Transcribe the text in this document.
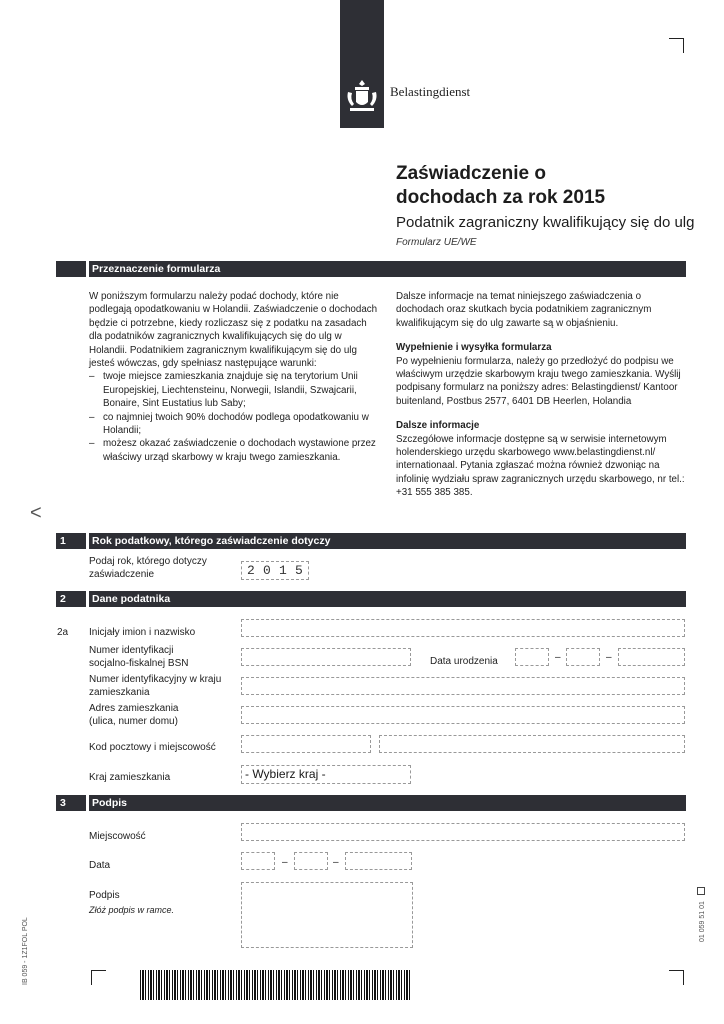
Belastingdienst
Zaświadczenie o
dochodach za rok 2015
Podatnik zagraniczny kwalifikujący się do ulg
Formularz UE/WE
Przeznaczenie formularza

W poniższym formularzu należy podać dochody, które nie podlegają opodatkowaniu w Holandii. Zaświadczenie o dochodach będzie ci potrzebne, kiedy rozliczasz się z podatku na zasadach dla podatników zagranicznych kwalifikujących się do ulg w Holandii. Podatnikiem zagranicznym kwalifikującym się do ulg jesteś wówczas, gdy spełniasz następujące warunki:

– twoje miejsce zamieszkania znajduje się na terytorium Unii Europejskiej, Liechtensteinu, Norwegii, Islandii, Szwajcarii, Bonaire, Sint Eustatius lub Saby;
– co najmniej twoich 90% dochodów podlega opodatkowaniu w Holandii;
– możesz okazać zaświadczenie o dochodach wystawione przez właściwy urząd skarbowy w kraju twego zamieszkania.

Dalsze informacje na temat niniejszego zaświadczenia o dochodach oraz skutkach bycia podatnikiem zagranicznym kwalifikującym się do ulg zawarte są w objaśnieniu.

Wypełnienie i wysyłka formularza

Po wypełnieniu formularza, należy go przedłożyć do podpisu we właściwym urzędzie skarbowym kraju twego zamieszkania. Wyślij podpisany formularz na poniższy adres: Belastingdienst/ Kantoor buitenland, Postbus 2577, 6401 DB Heerlen, Holandia

Dalsze informacje

Szczegółowe informacje dostępne są w serwisie internetowym holenderskiego urzędu skarbowego www.belastingdienst.nl/ internationaal. Pytania zgłaszać można również dzwoniąc na infolinię wydziału spraw zagranicznych urzędu skarbowego, nr tel.: +31 555 385 385.

<
1	Rok podatkowy, którego zaświadczenie dotyczy
Podaj rok, którego dotyczy
zaświadczenie	2 0 1 5
2	Dane podatnika
2a Inicjały imion i nazwisko
Numer identyfikacji
socjalno-fiskalnej BSN	Data urodzenia	–	–
Numer identyfikacyjny w kraju
zamieszkania
Adres zamieszkania
(ulica, numer domu)
Kod pocztowy i miejscowość
Kraj zamieszkania	- Wybierz kraj -
3	Podpis
Miejscowość
Data	–	–
Podpis
Złóż podpis w ramce.
IB 059 - 1Z1FOL POL	01 059 51 01
